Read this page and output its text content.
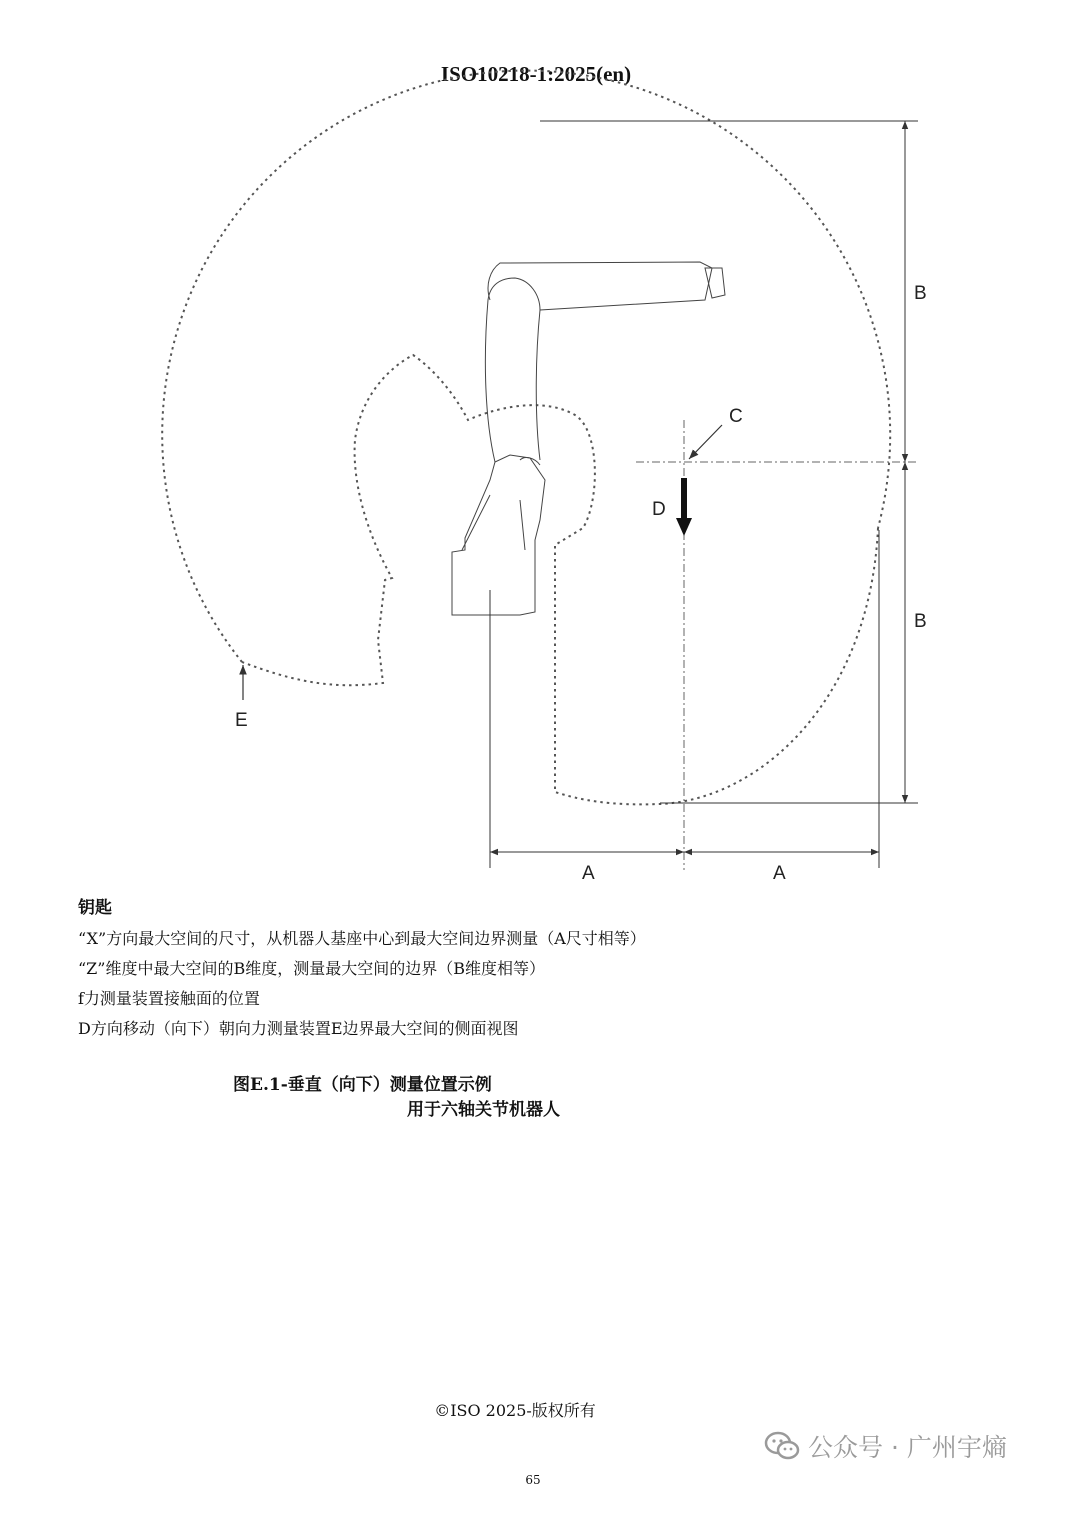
ISO10218-1:2025(en)
B
B
C
D
E
A	A
钥匙
“X”方向最大空间的尺寸，从机器人基座中心到最大空间边界测量（A尺寸相等）
“Z”维度中最大空间的B维度，测量最大空间的边界（B维度相等）
f力测量装置接触面的位置
D方向移动（向下）朝向力测量装置E边界最大空间的侧面视图
图E.1-垂直（向下）测量位置示例
用于六轴关节机器人
©ISO 2025-版权所有
65
公众号 · 广州宇熵
